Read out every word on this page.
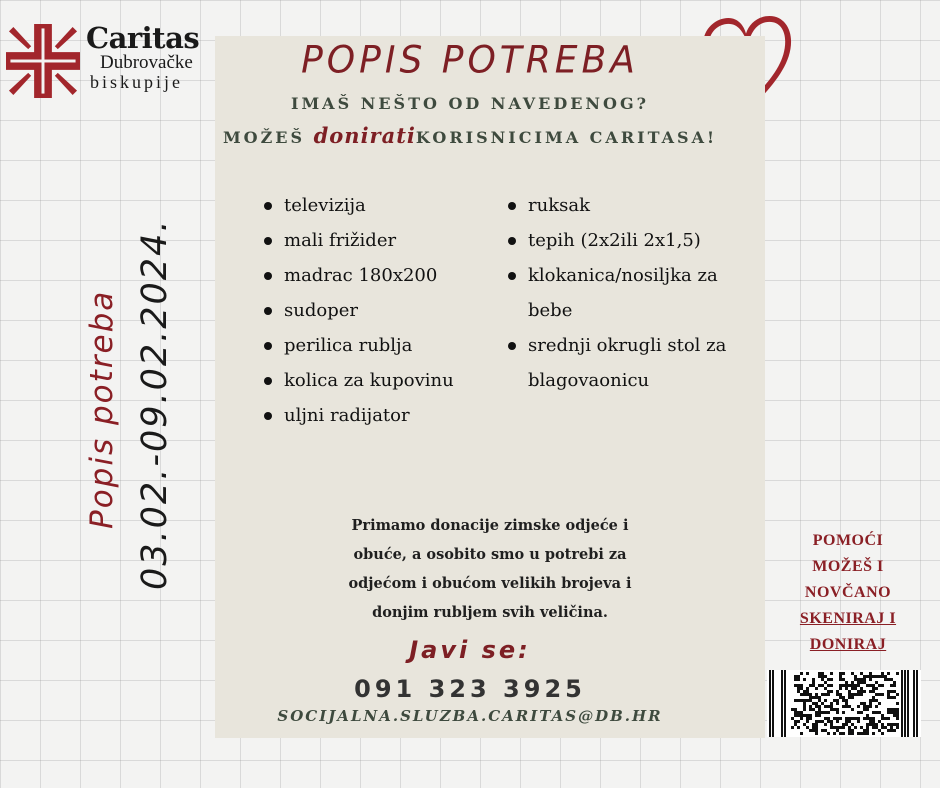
Caritas
Dubrovačke
biskupije	POPIS POTREBA
IMAŠ NEŠTO OD NAVEDENOG?
MOŽEŠ doniratiKORISNICIMA CARITASA!
televizija
mali frižider
madrac 180x200
sudoper
perilica rublja
kolica za kupovinu
uljni radijator
ruksak
tepih (2x2ili 2x1,5)
klokanica/nosiljka za bebe
srednji okrugli stol za blagovaonicu
Primamo donacije zimske odjeće i obuće, a osobito smo u potrebi za odjećom i obućom velikih brojeva i donjim rubljem svih veličina.
Javi se:
091 323 3925
SOCIJALNA.SLUZBA.CARITAS@DB.HR
Popis potreba 03.02.-09.02.2024.	POMOĆI
MOŽEŠ I
NOVČANO
SKENIRAJ I
DONIRAJ
